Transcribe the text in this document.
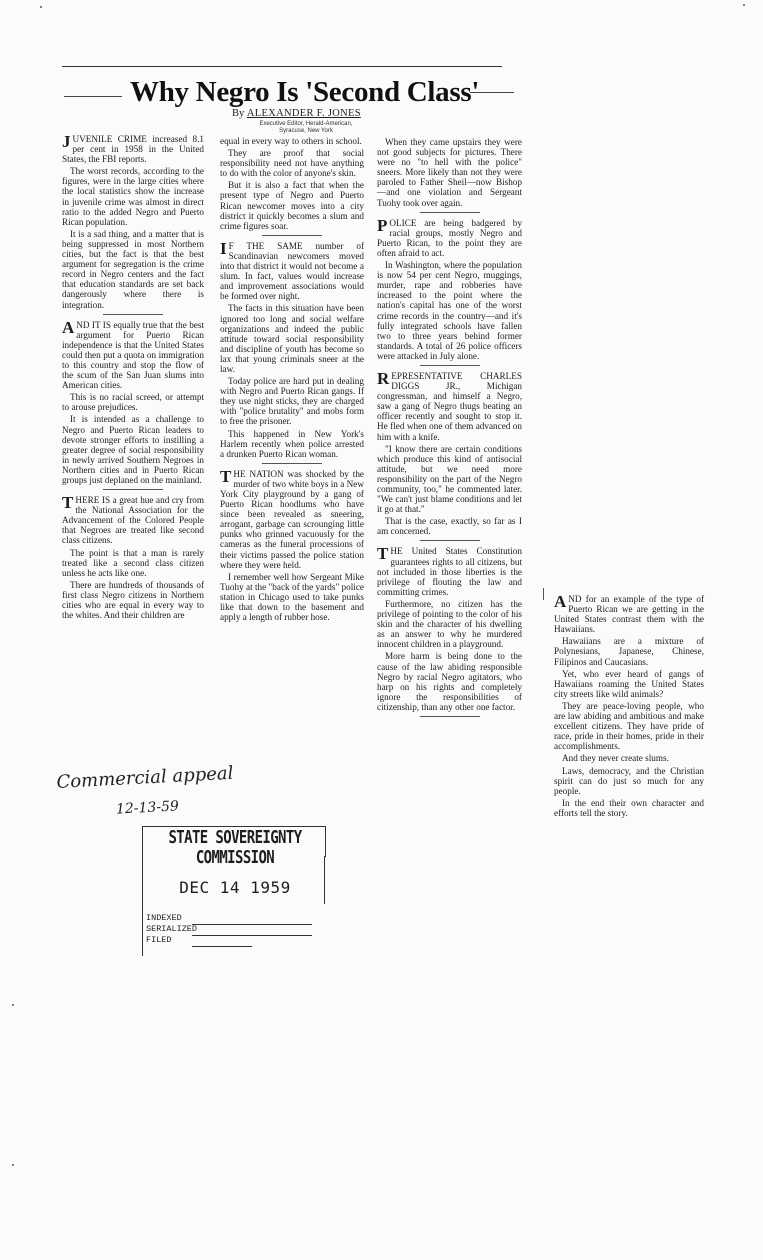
Why Negro Is 'Second Class'
By ALEXANDER F. JONES
Executive Editor, Herald-American,
Syracuse, New York

JUVENILE CRIME increased 8.1 per cent in 1958 in the United States, the FBI reports.

The worst records, according to the figures, were in the large cities where the local statistics show the increase in juvenile crime was almost in direct ratio to the added Negro and Puerto Rican population.

It is a sad thing, and a matter that is being suppressed in most Northern cities, but the fact is that the best argument for segregation is the crime record in Negro centers and the fact that education standards are set back dangerously where there is integration.

AND IT IS equally true that the best argument for Puerto Rican independence is that the United States could then put a quota on immigration to this country and stop the flow of the scum of the San Juan slums into American cities.

This is no racial screed, or attempt to arouse prejudices.

It is intended as a challenge to Negro and Puerto Rican leaders to devote stronger efforts to instilling a greater degree of social responsibility in newly arrived Southern Negroes in Northern cities and in Puerto Rican groups just deplaned on the mainland.

THERE IS a great hue and cry from the National Association for the Advancement of the Colored People that Negroes are treated like second class citizens.

The point is that a man is rarely treated like a second class citizen unless he acts like one.

There are hundreds of thousands of first class Negro citizens in Northern cities who are equal in every way to the whites. And their children are

equal in every way to others in school.

They are proof that social responsibility need not have anything to do with the color of anyone's skin.

But it is also a fact that when the present type of Negro and Puerto Rican newcomer moves into a city district it quickly becomes a slum and crime figures soar.

IF THE SAME number of Scandinavian newcomers moved into that district it would not become a slum. In fact, values would increase and improvement associations would be formed over night.

The facts in this situation have been ignored too long and social welfare organizations and indeed the public attitude toward social responsibility and discipline of youth has become so lax that young criminals sneer at the law.

Today police are hard put in dealing with Negro and Puerto Rican gangs. If they use night sticks, they are charged with "police brutality" and mobs form to free the prisoner.

This happened in New York's Harlem recently when police arrested a drunken Puerto Rican woman.

THE NATION was shocked by the murder of two white boys in a New York City playground by a gang of Puerto Rican hoodlums who have since been revealed as sneering, arrogant, garbage can scrounging little punks who grinned vacuously for the cameras as the funeral processions of their victims passed the police station where they were held.

I remember well how Sergeant Mike Tuohy at the "back of the yards" police station in Chicago used to take punks like that down to the basement and apply a length of rubber hose.

When they came upstairs they were not good subjects for pictures. There were no "to hell with the police" sneers. More likely than not they were paroled to Father Sheil—now Bishop—and one violation and Sergeant Tuohy took over again.

POLICE are being badgered by racial groups, mostly Negro and Puerto Rican, to the point they are often afraid to act.

In Washington, where the population is now 54 per cent Negro, muggings, murder, rape and robberies have increased to the point where the nation's capital has one of the worst crime records in the country—and it's fully integrated schools have fallen two to three years behind former standards. A total of 26 police officers were attacked in July alone.

REPRESENTATIVE CHARLES DIGGS JR., Michigan congressman, and himself a Negro, saw a gang of Negro thugs beating an officer recently and sought to stop it. He fled when one of them advanced on him with a knife.

"I know there are certain conditions which produce this kind of antisocial attitude, but we need more responsibility on the part of the Negro community, too," he commented later. "We can't just blame conditions and let it go at that."

That is the case, exactly, so far as I am concerned.

THE United States Constitution guarantees rights to all citizens, but not included in those liberties is the privilege of flouting the law and committing crimes.

Furthermore, no citizen has the privilege of pointing to the color of his skin and the character of his dwelling as an answer to why he murdered innocent children in a playground.

More harm is being done to the cause of the law abiding responsible Negro by racial Negro agitators, who harp on his rights and completely ignore the responsibilities of citizenship, than any other one factor.

AND for an example of the type of Puerto Rican we are getting in the United States contrast them with the Hawaiians.

Hawaiians are a mixture of Polynesians, Japanese, Chinese, Filipinos and Caucasians.

Yet, who ever heard of gangs of Hawaiians roaming the United States city streets like wild animals?

They are peace-loving people, who are law abiding and ambitious and make excellent citizens. They have pride of race, pride in their homes, pride in their accomplishments.

And they never create slums.

Laws, democracy, and the Christian spirit can do just so much for any people.

In the end their own character and efforts tell the story.

Commercial appeal
12-13-59
STATE SOVEREIGNTY COMMISSION
DEC 14 1959
INDEXED
SERIALIZED
FILED
